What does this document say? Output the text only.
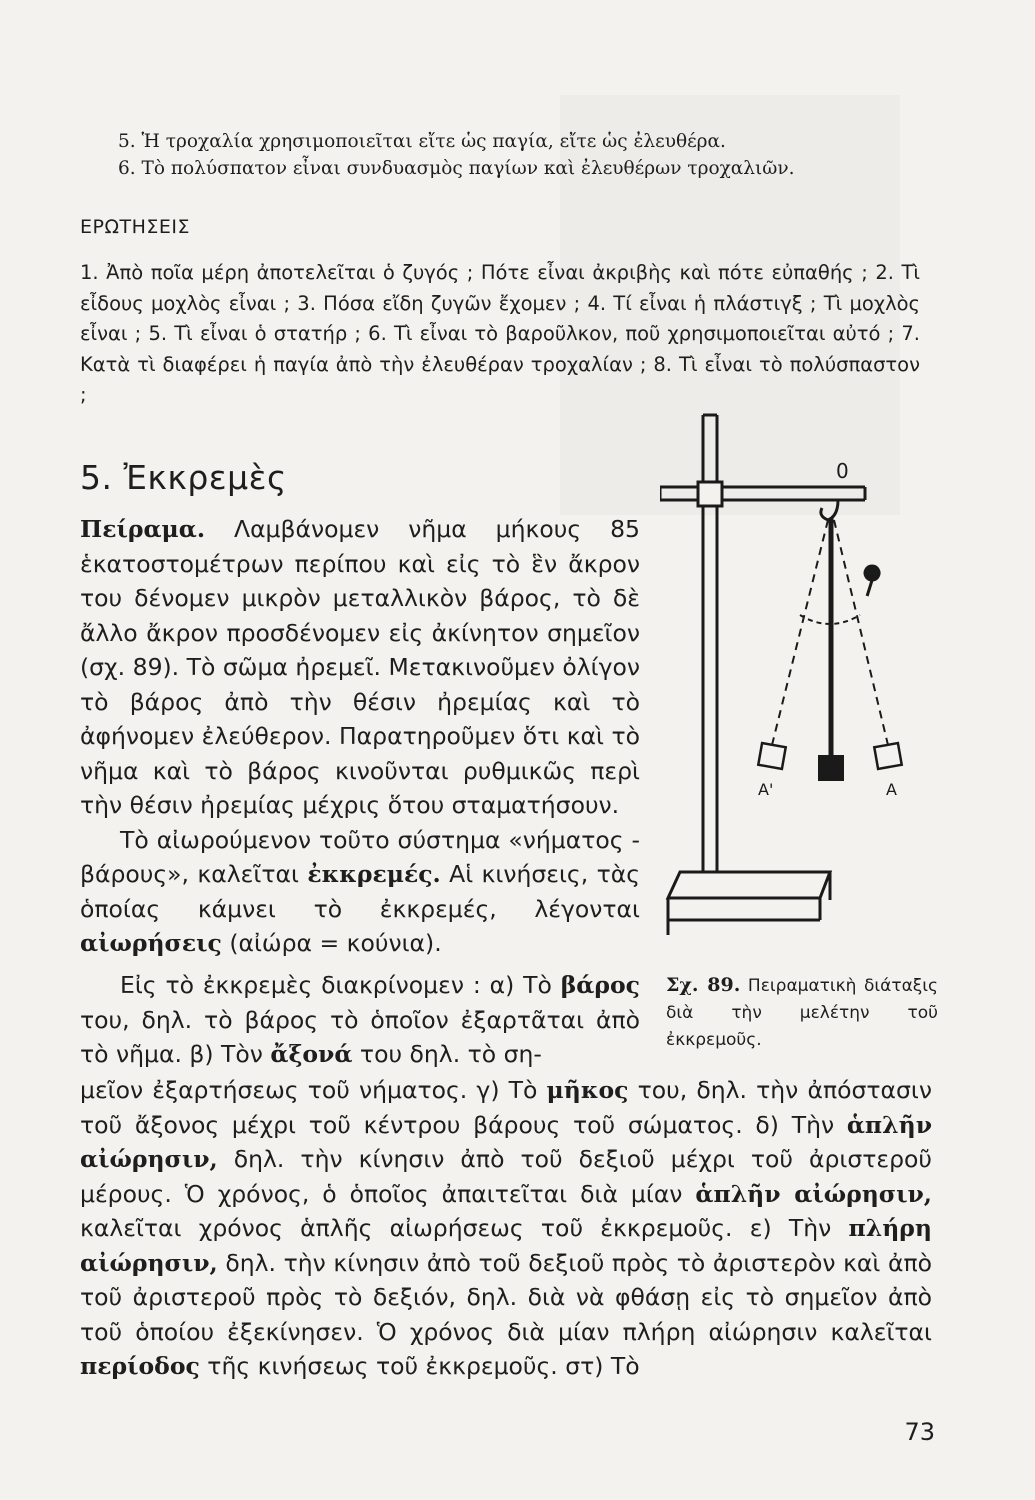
5. Ἡ τροχαλία χρησιμοποιεῖται εἴτε ὡς παγία, εἴτε ὡς ἐλευθέρα.
6. Τὸ πολύσπατον εἶναι συνδυασμὸς παγίων καὶ ἐλευθέρων τροχαλιῶν.
ΕΡΩΤΗΣΕΙΣ
1. Ἀπὸ ποῖα μέρη ἀποτελεῖται ὁ ζυγός ; Πότε εἶναι ἀκριβὴς καὶ πότε εὐπαθής ; 2. Τὶ εἶδους μοχλὸς εἶναι ; 3. Πόσα εἴδη ζυγῶν ἔχομεν ; 4. Τί εἶναι ἡ πλάστιγξ ; Τὶ μοχλὸς εἶναι ; 5. Τὶ εἶναι ὁ στατήρ ; 6. Τὶ εἶναι τὸ βαροῦλκον, ποῦ χρησιμοποιεῖται αὐτό ; 7. Κατὰ τὶ διαφέρει ἡ παγία ἀπὸ τὴν ἐλευθέραν τροχαλίαν ; 8. Τὶ εἶναι τὸ πολύσπαστον ;
5. Ἐκκρεμὲς

Πείραμα. Λαμβάνομεν νῆμα μήκους 85 ἑκατοστομέτρων περίπου καὶ εἰς τὸ ἓν ἄκρον του δένομεν μικρὸν μεταλλικὸν βάρος, τὸ δὲ ἄλλο ἄκρον προσδένομεν εἰς ἀκίνητον σημεῖον (σχ. 89). Τὸ σῶμα ἠρεμεῖ. Μετακινοῦμεν ὀλίγον τὸ βάρος ἀπὸ τὴν θέσιν ἠρεμίας καὶ τὸ ἀφήνομεν ἐλεύθερον. Παρατηροῦμεν ὅτι καὶ τὸ νῆμα καὶ τὸ βάρος κινοῦνται ρυθμικῶς περὶ τὴν θέσιν ἠρεμίας μέχρις ὅτου σταματήσουν.

Τὸ αἰωρούμενον τοῦτο σύστημα «νήματος - βάρους», καλεῖται ἐκκρεμές. Αἱ κινήσεις, τὰς ὁποίας κάμνει τὸ ἐκκρεμές, λέγονται αἰωρήσεις (αἰώρα = κούνια).

Εἰς τὸ ἐκκρεμὲς διακρίνομεν : α) Τὸ βάρος του, δηλ. τὸ βάρος τὸ ὁποῖον ἐξαρτᾶται ἀπὸ τὸ νῆμα. β) Τὸν ἄξονά του δηλ. τὸ ση-

μεῖον ἐξαρτήσεως τοῦ νήματος. γ) Τὸ μῆκος του, δηλ. τὴν ἀπόστασιν τοῦ ἄξονος μέχρι τοῦ κέντρου βάρους τοῦ σώματος. δ) Τὴν ἁπλῆν αἰώρησιν, δηλ. τὴν κίνησιν ἀπὸ τοῦ δεξιοῦ μέχρι τοῦ ἀριστεροῦ μέρους. Ὁ χρόνος, ὁ ὁποῖος ἀπαιτεῖται διὰ μίαν ἁπλῆν αἰώρησιν, καλεῖται χρόνος ἁπλῆς αἰωρήσεως τοῦ ἐκκρεμοῦς. ε) Τὴν πλήρη αἰώρησιν, δηλ. τὴν κίνησιν ἀπὸ τοῦ δεξιοῦ πρὸς τὸ ἀριστερὸν καὶ ἀπὸ τοῦ ἀριστεροῦ πρὸς τὸ δεξιόν, δηλ. διὰ νὰ φθάσῃ εἰς τὸ σημεῖον ἀπὸ τοῦ ὁποίου ἐξεκίνησεν. Ὁ χρόνος διὰ μίαν πλήρη αἰώρησιν καλεῖται περίοδος τῆς κινήσεως τοῦ ἐκκρεμοῦς. στ) Τὸ

0
Α'	Α
Σχ. 89. Πειραματικὴ διάταξις διὰ τὴν μελέτην τοῦ ἐκκρεμοῦς.
73
